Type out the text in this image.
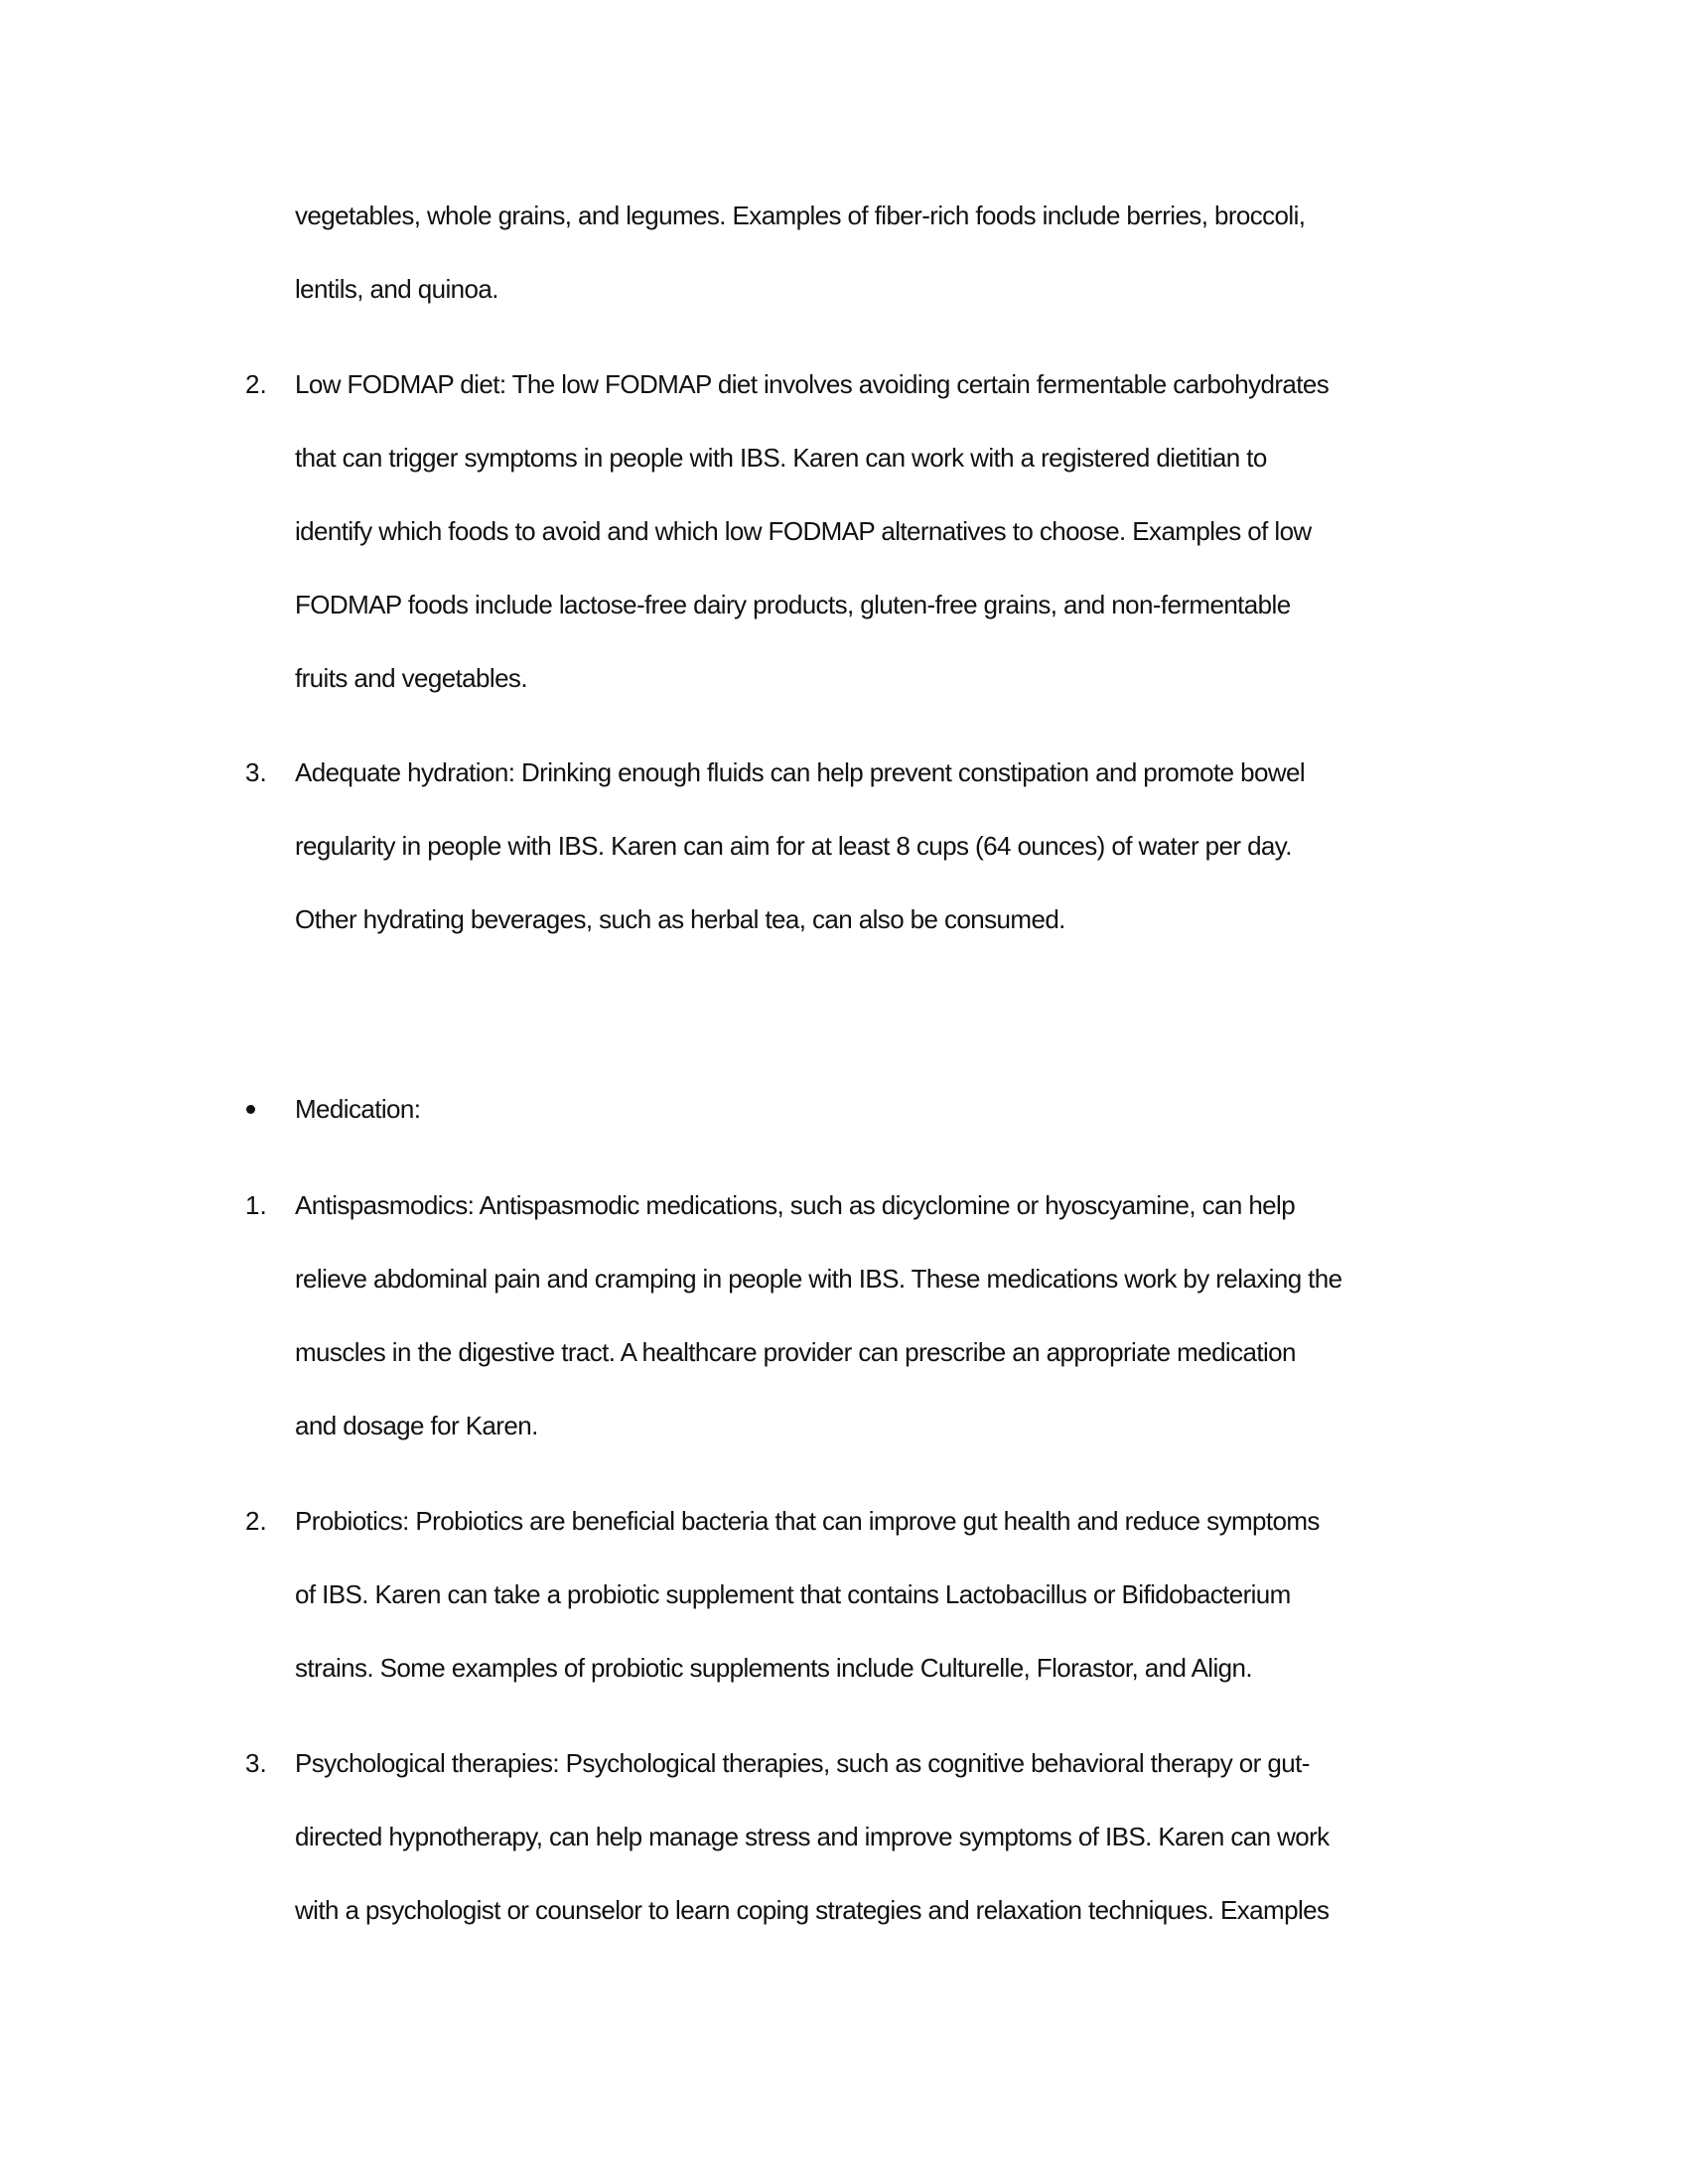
vegetables, whole grains, and legumes. Examples of fiber-rich foods include berries, broccoli,
lentils, and quinoa.
2. Low FODMAP diet: The low FODMAP diet involves avoiding certain fermentable carbohydrates
that can trigger symptoms in people with IBS. Karen can work with a registered dietitian to
identify which foods to avoid and which low FODMAP alternatives to choose. Examples of low
FODMAP foods include lactose-free dairy products, gluten-free grains, and non-fermentable
fruits and vegetables.
3. Adequate hydration: Drinking enough fluids can help prevent constipation and promote bowel
regularity in people with IBS. Karen can aim for at least 8 cups (64 ounces) of water per day.
Other hydrating beverages, such as herbal tea, can also be consumed.
Medication:
1. Antispasmodics: Antispasmodic medications, such as dicyclomine or hyoscyamine, can help
relieve abdominal pain and cramping in people with IBS. These medications work by relaxing the
muscles in the digestive tract. A healthcare provider can prescribe an appropriate medication
and dosage for Karen.
2. Probiotics: Probiotics are beneficial bacteria that can improve gut health and reduce symptoms
of IBS. Karen can take a probiotic supplement that contains Lactobacillus or Bifidobacterium
strains. Some examples of probiotic supplements include Culturelle, Florastor, and Align.
3. Psychological therapies: Psychological therapies, such as cognitive behavioral therapy or gut-
directed hypnotherapy, can help manage stress and improve symptoms of IBS. Karen can work
with a psychologist or counselor to learn coping strategies and relaxation techniques. Examples
